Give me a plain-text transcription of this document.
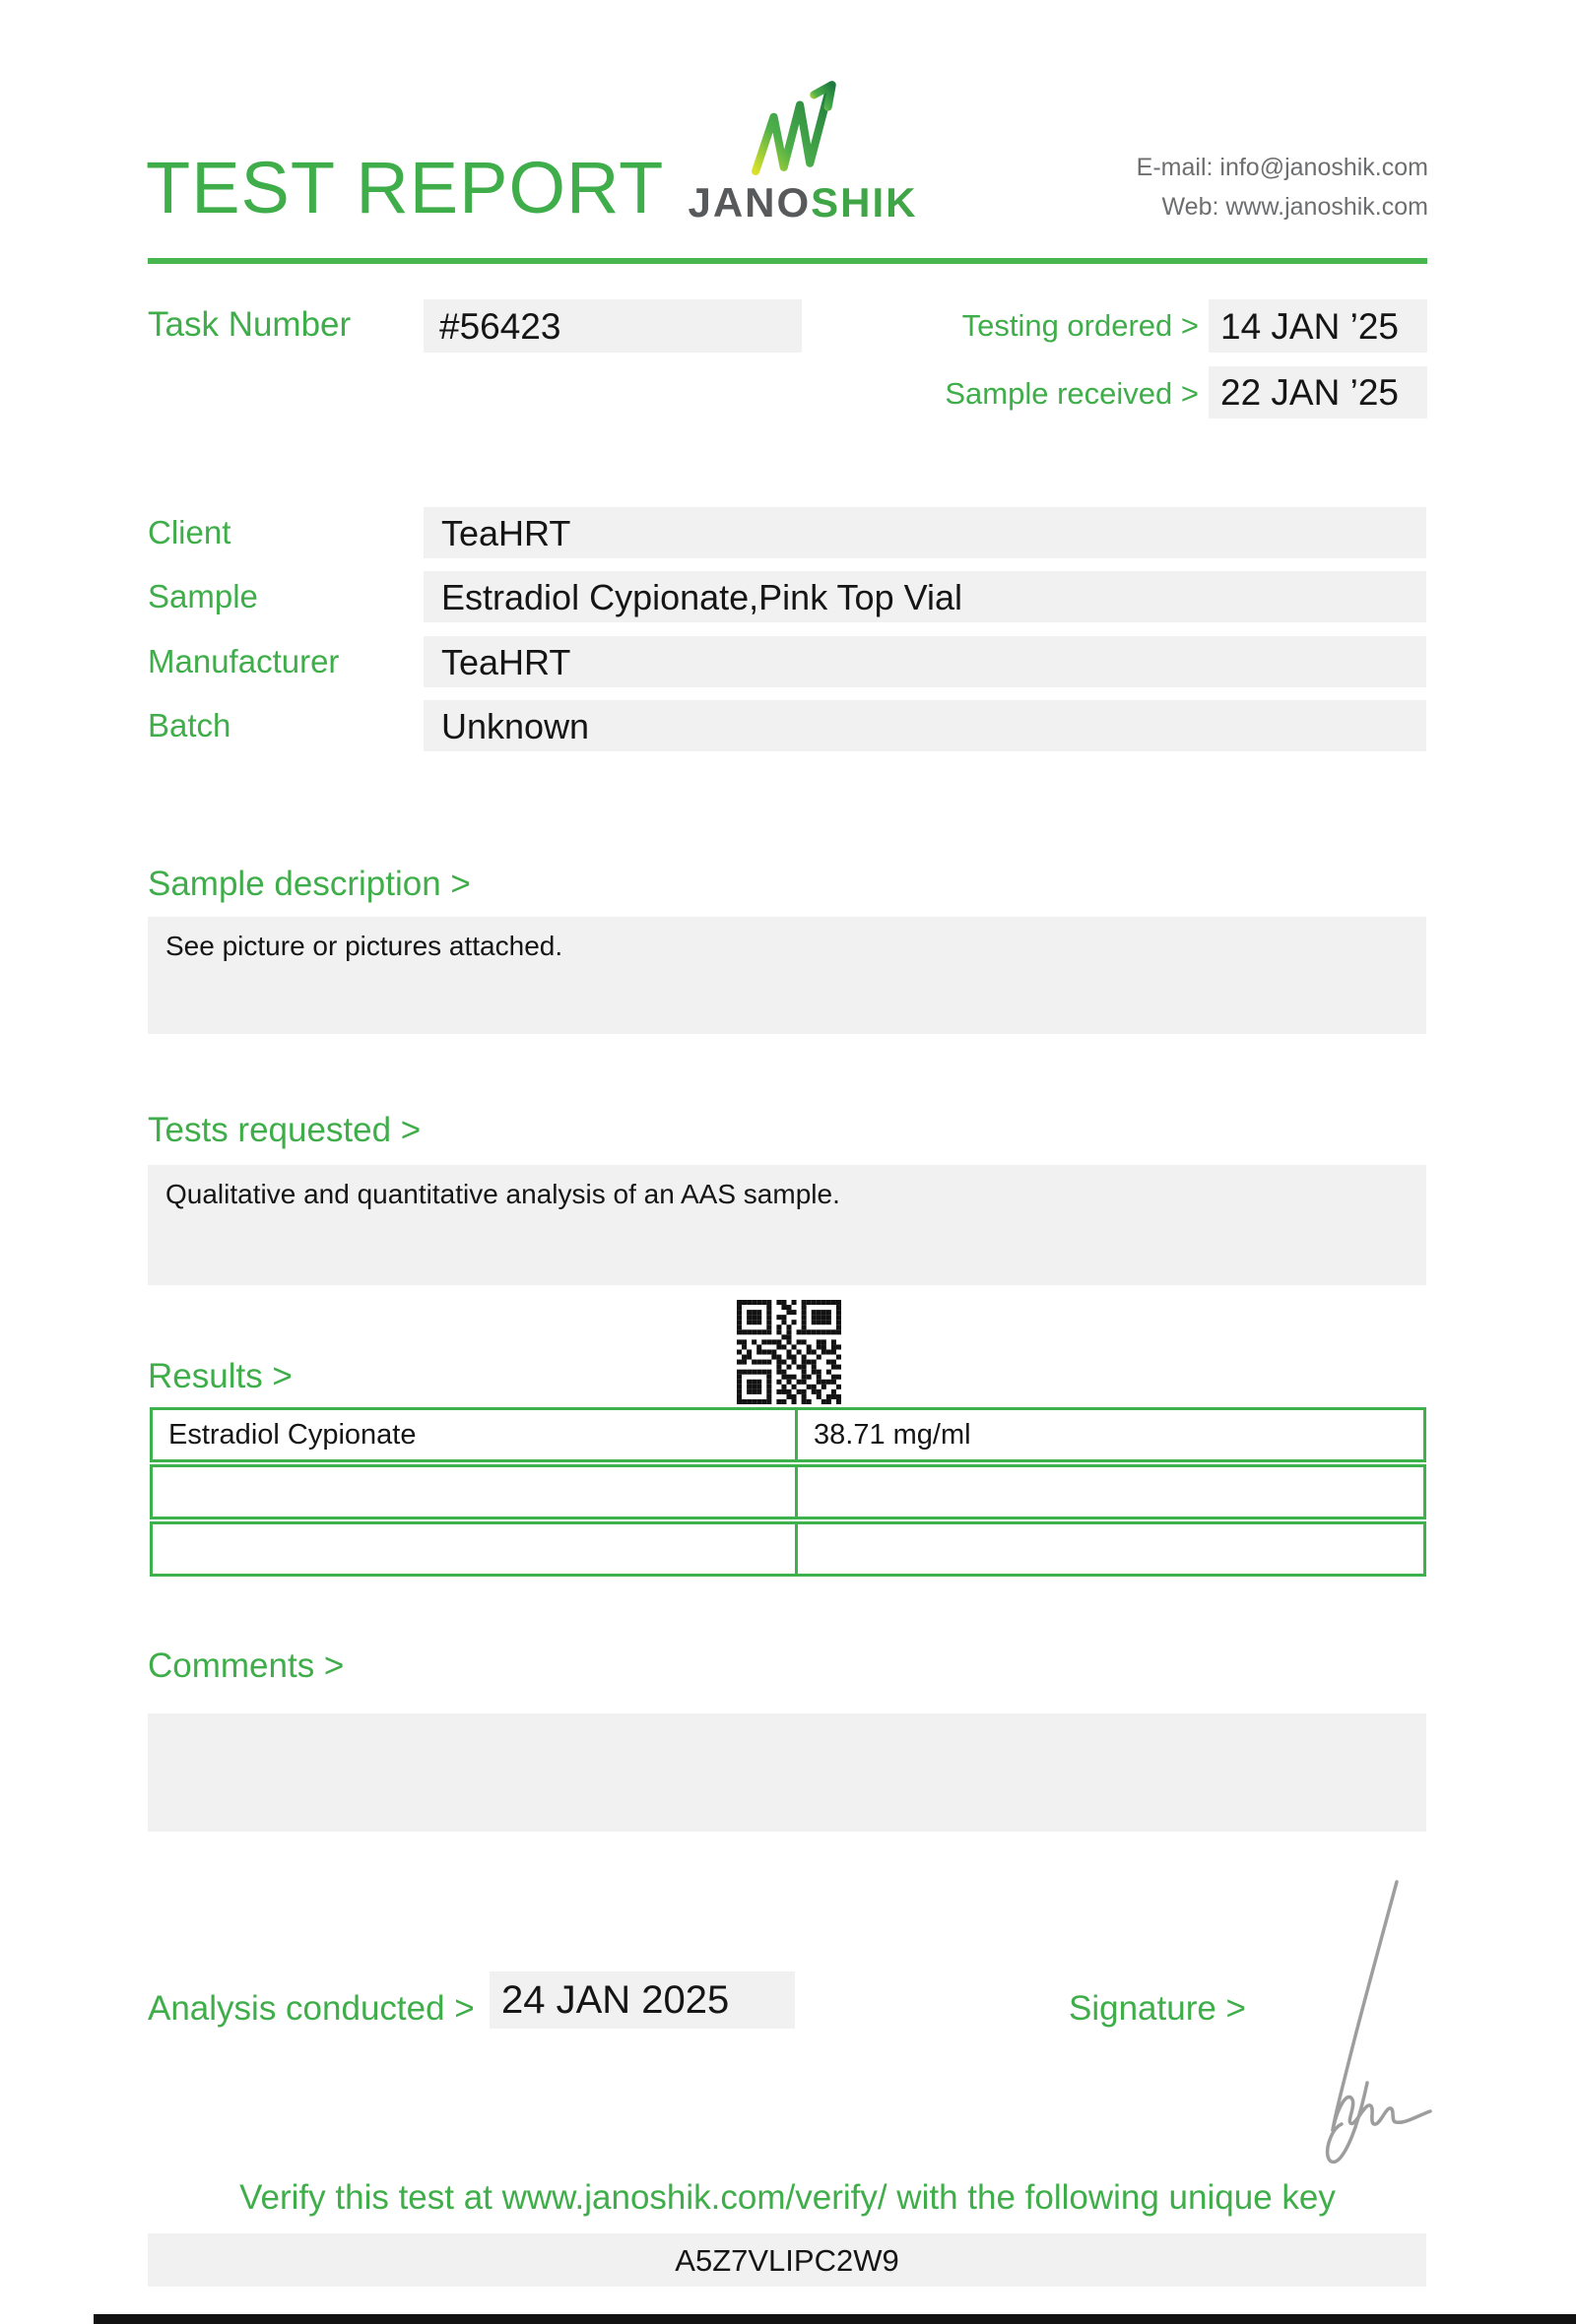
TEST REPORT JANOSHIK
E-mail: info@janoshik.com
Web: www.janoshik.com
Task Number	#56423	Testing ordered > 14 JAN ’25
Sample received > 22 JAN ’25
Client	TeaHRT
Sample	Estradiol Cypionate,Pink Top Vial
Manufacturer	TeaHRT
Batch	Unknown
Sample description >
See picture or pictures attached.
Tests requested >
Qualitative and quantitative analysis of an AAS sample.
Results >
Estradiol Cypionate	38.71 mg/ml
Comments >
Analysis conducted > 24 JAN 2025	Signature >
Verify this test at www.janoshik.com/verify/ with the following unique key
A5Z7VLIPC2W9
